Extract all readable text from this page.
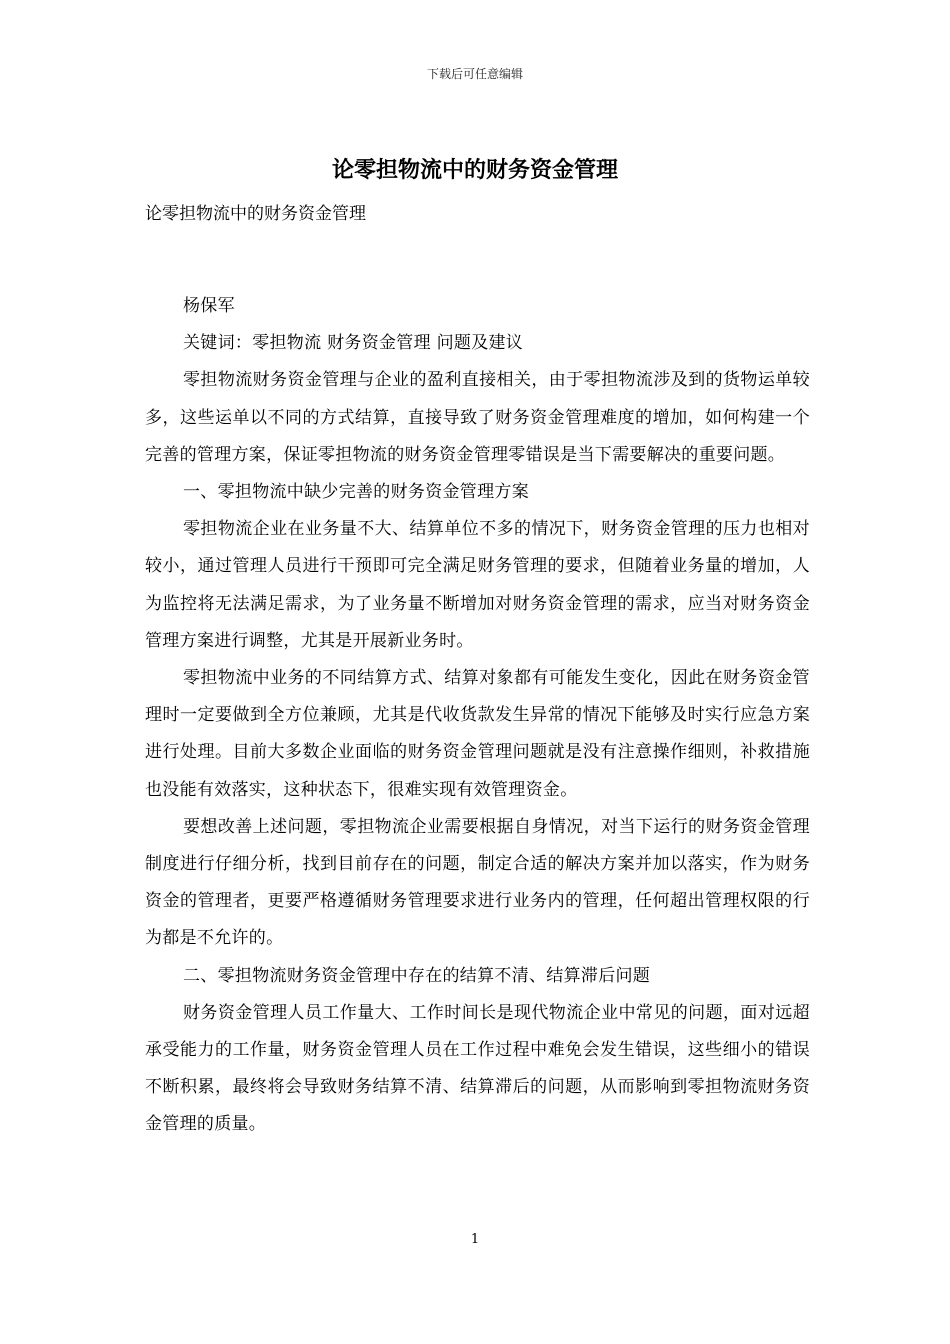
下载后可任意编辑
论零担物流中的财务资金管理

论零担物流中的财务资金管理

杨保军

关键词：零担物流 财务资金管理 问题及建议

零担物流财务资金管理与企业的盈利直接相关，由于零担物流涉及到的货物运单较多，这些运单以不同的方式结算，直接导致了财务资金管理难度的增加，如何构建一个完善的管理方案，保证零担物流的财务资金管理零错误是当下需要解决的重要问题。

一、零担物流中缺少完善的财务资金管理方案

零担物流企业在业务量不大、结算单位不多的情况下，财务资金管理的压力也相对较小，通过管理人员进行干预即可完全满足财务管理的要求，但随着业务量的增加，人为监控将无法满足需求，为了业务量不断增加对财务资金管理的需求，应当对财务资金管理方案进行调整，尤其是开展新业务时。

零担物流中业务的不同结算方式、结算对象都有可能发生变化，因此在财务资金管理时一定要做到全方位兼顾，尤其是代收货款发生异常的情况下能够及时实行应急方案进行处理。目前大多数企业面临的财务资金管理问题就是没有注意操作细则，补救措施也没能有效落实，这种状态下，很难实现有效管理资金。

要想改善上述问题，零担物流企业需要根据自身情况，对当下运行的财务资金管理制度进行仔细分析，找到目前存在的问题，制定合适的解决方案并加以落实，作为财务资金的管理者，更要严格遵循财务管理要求进行业务内的管理，任何超出管理权限的行为都是不允许的。

二、零担物流财务资金管理中存在的结算不清、结算滞后问题

财务资金管理人员工作量大、工作时间长是现代物流企业中常见的问题，面对远超承受能力的工作量，财务资金管理人员在工作过程中难免会发生错误，这些细小的错误不断积累，最终将会导致财务结算不清、结算滞后的问题，从而影响到零担物流财务资金管理的质量。

1
